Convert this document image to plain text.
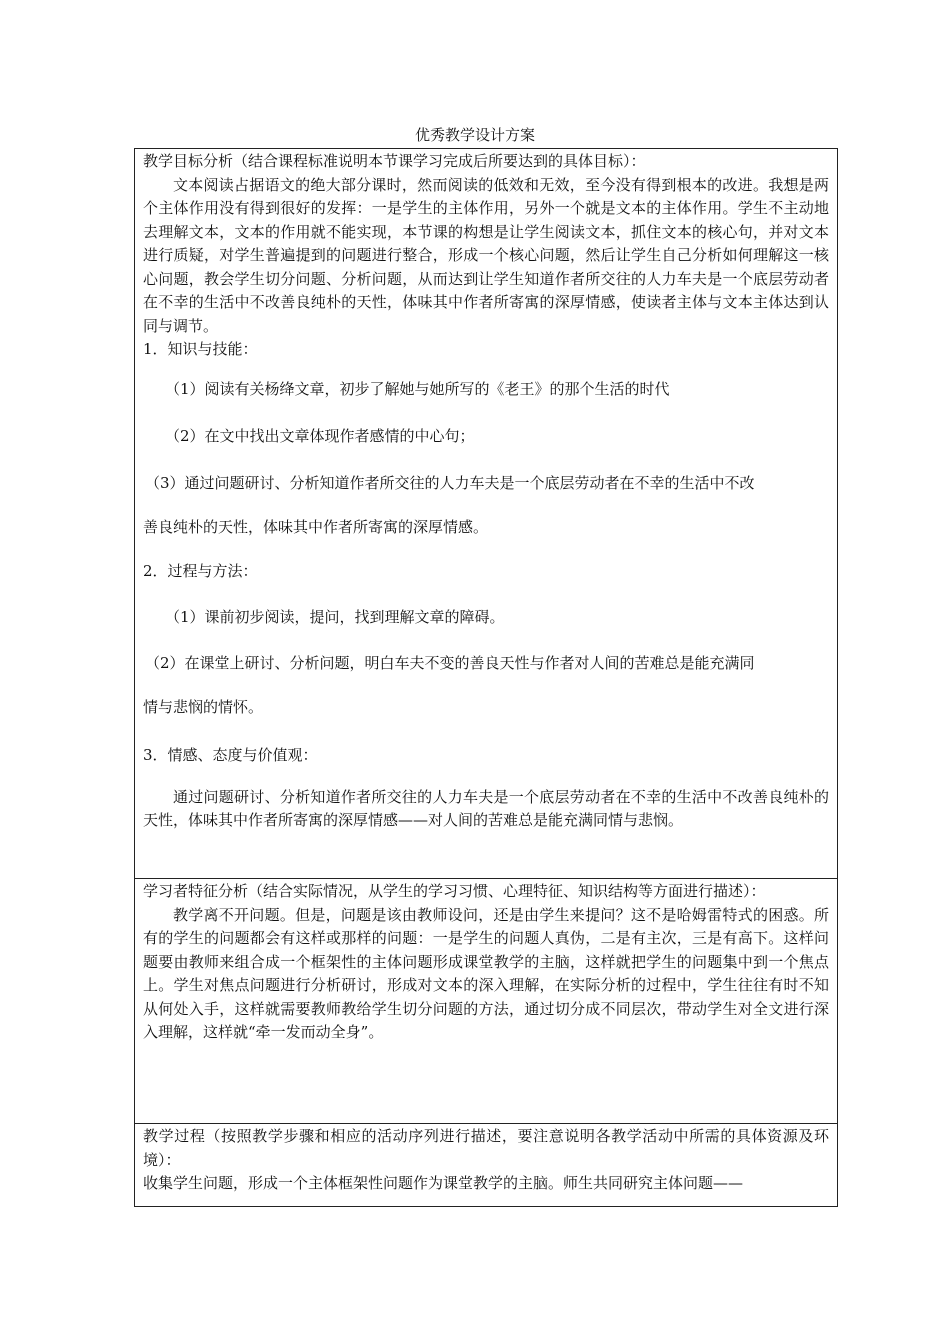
优秀教学设计方案

教学目标分析（结合课程标准说明本节课学习完成后所要达到的具体目标）：

文本阅读占据语文的绝大部分课时，然而阅读的低效和无效，至今没有得到根本的改进。我想是两个主体作用没有得到很好的发挥：一是学生的主体作用，另外一个就是文本的主体作用。学生不主动地去理解文本，文本的作用就不能实现，本节课的构想是让学生阅读文本，抓住文本的核心句，并对文本进行质疑，对学生普遍提到的问题进行整合，形成一个核心问题，然后让学生自己分析如何理解这一核心问题，教会学生切分问题、分析问题，从而达到让学生知道作者所交往的人力车夫是一个底层劳动者在不幸的生活中不改善良纯朴的天性，体味其中作者所寄寓的深厚情感，使读者主体与文本主体达到认同与调节。

1．知识与技能：

（1）阅读有关杨绛文章，初步了解她与她所写的《老王》的那个生活的时代

（2）在文中找出文章体现作者感情的中心句；

（3）通过问题研讨、分析知道作者所交往的人力车夫是一个底层劳动者在不幸的生活中不改

善良纯朴的天性，体味其中作者所寄寓的深厚情感。

2．过程与方法：

（1）课前初步阅读，提问，找到理解文章的障碍。

（2）在课堂上研讨、分析问题，明白车夫不变的善良天性与作者对人间的苦难总是能充满同

情与悲悯的情怀。

3．情感、态度与价值观：

通过问题研讨、分析知道作者所交往的人力车夫是一个底层劳动者在不幸的生活中不改善良纯朴的天性，体味其中作者所寄寓的深厚情感——对人间的苦难总是能充满同情与悲悯。

学习者特征分析（结合实际情况，从学生的学习习惯、心理特征、知识结构等方面进行描述）：

教学离不开问题。但是，问题是该由教师设问，还是由学生来提问？这不是哈姆雷特式的困惑。所有的学生的问题都会有这样或那样的问题：一是学生的问题人真伪，二是有主次，三是有高下。这样问题要由教师来组合成一个框架性的主体问题形成课堂教学的主脑，这样就把学生的问题集中到一个焦点上。学生对焦点问题进行分析研讨，形成对文本的深入理解，在实际分析的过程中，学生往往有时不知从何处入手，这样就需要教师教给学生切分问题的方法，通过切分成不同层次，带动学生对全文进行深入理解，这样就“牵一发而动全身”。

教学过程（按照教学步骤和相应的活动序列进行描述，要注意说明各教学活动中所需的具体资源及环境）：

收集学生问题，形成一个主体框架性问题作为课堂教学的主脑。师生共同研究主体问题——
